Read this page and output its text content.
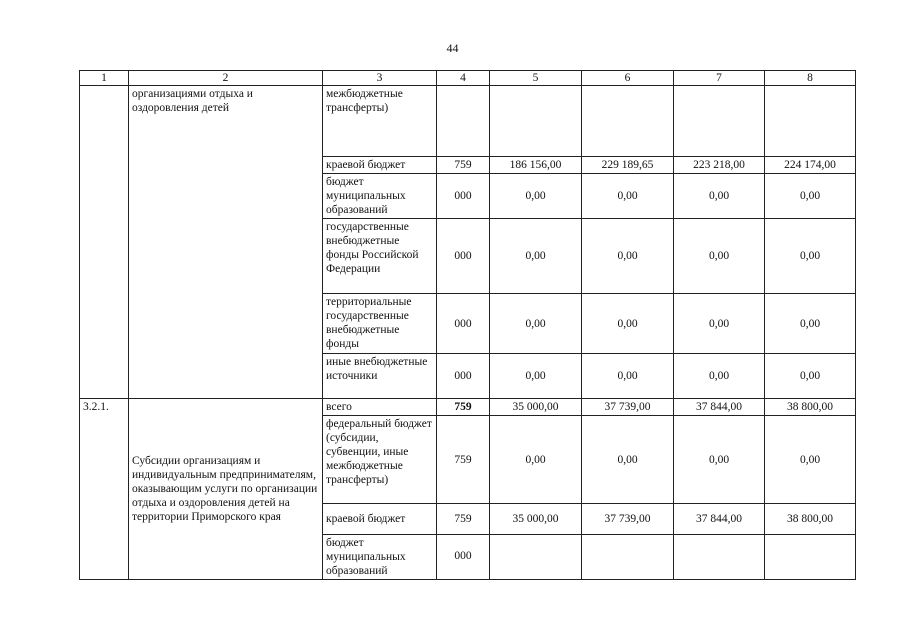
44
1	2	3	4	5	6	7	8
	организациями отдыха и оздоровления детей	межбюджетные трансферты)					
		краевой бюджет	759	186 156,00	229 189,65	223 218,00	224 174,00
		бюджет муниципальных образований	000	0,00	0,00	0,00	0,00
		государственные внебюджетные фонды Российской Федерации	000	0,00	0,00	0,00	0,00
		территориальные государственные внебюджетные фонды	000	0,00	0,00	0,00	0,00
		иные внебюджетные источники	000	0,00	0,00	0,00	0,00
3.2.1.	Субсидии организациям и индивидуальным предпринимателям, оказывающим услуги по организации отдыха и оздоровления детей на территории Приморского края	всего	759	35 000,00	37 739,00	37 844,00	38 800,00
		федеральный бюджет (субсидии, субвенции, иные межбюджетные трансферты)	759	0,00	0,00	0,00	0,00
		краевой бюджет	759	35 000,00	37 739,00	37 844,00	38 800,00
		бюджет муниципальных образований	000				
